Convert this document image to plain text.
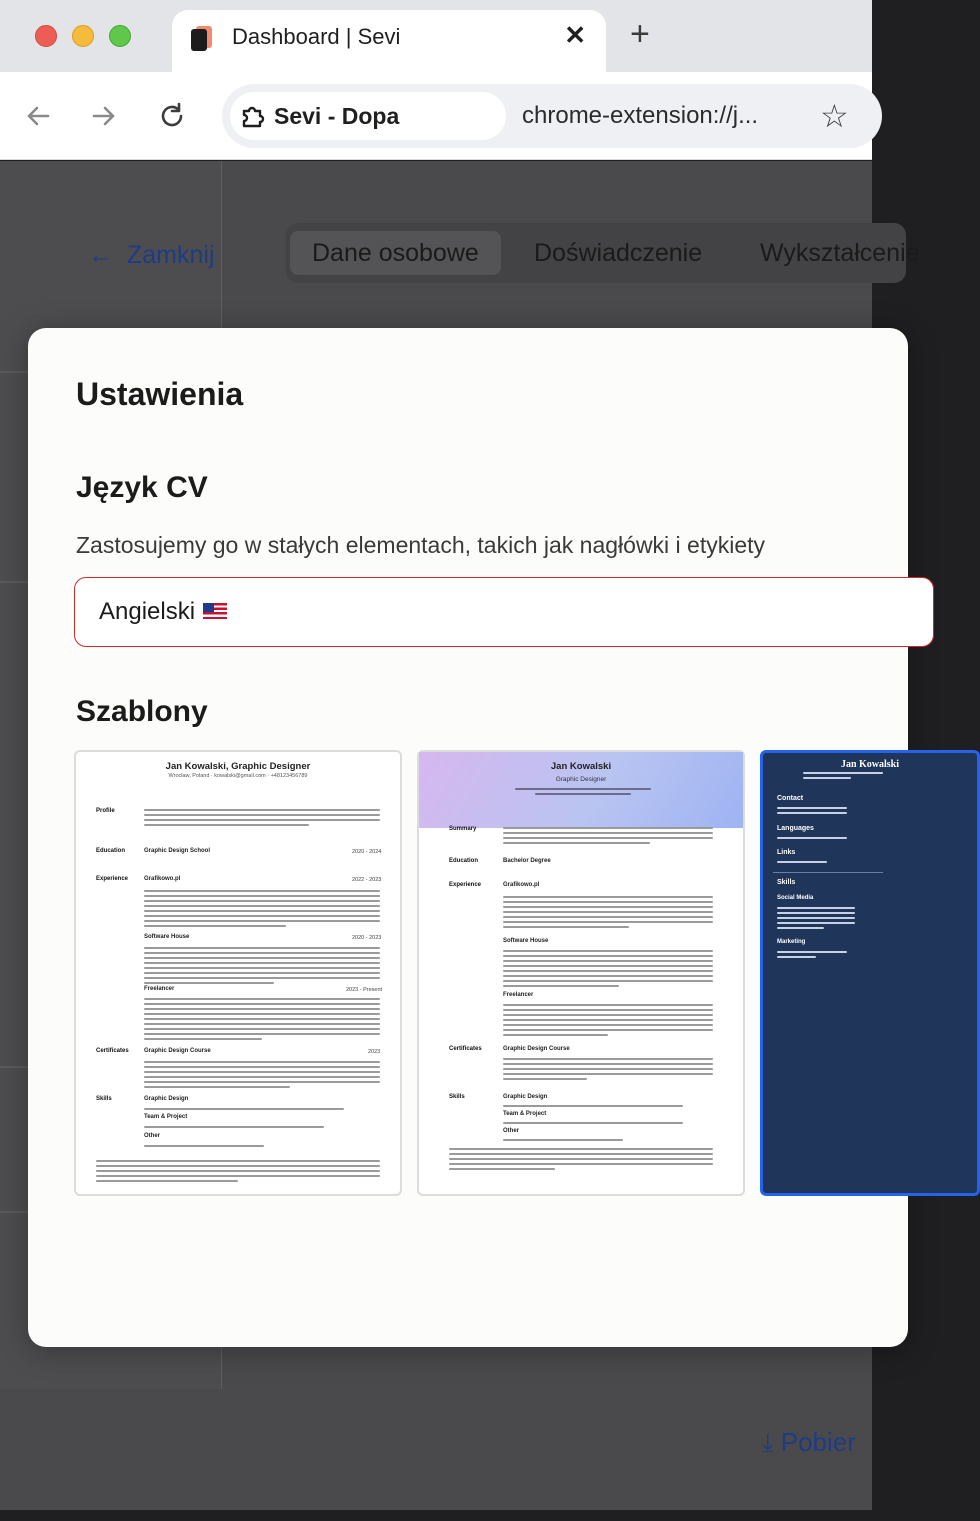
Dashboard | Sevi	✕ +
Sevi - Dopa	chrome-extension://j... ☆
← Zamknij	Dane osobowe	Doświadczenie	Wykształcenie
⤓ Pobier
Ustawienia
Język CV
Zastosujemy go w stałych elementach, takich jak nagłówki i etykiety
Angielski
Szablony
Jan Kowalski, Graphic Designer
Wrocław, Poland · kowalski@gmail.com · +48123456789
Profile
Education	Graphic Design School	2020 - 2024
Experience	Grafikowo.pl	2022 - 2023
Software House	2020 - 2023
Freelancer	2023 - Present
Certificates	Graphic Design Course	2023
Skills	Graphic Design
Team & Project
Other
Jan Kowalski
Graphic Designer
Summary
Education	Bachelor Degree
Experience	Grafikowo.pl
Software House
Freelancer
Certificates	Graphic Design Course
Skills	Graphic Design
Team & Project
Other
Jan Kowalski
Contact
Languages
Links
Skills
Social Media
Marketing
